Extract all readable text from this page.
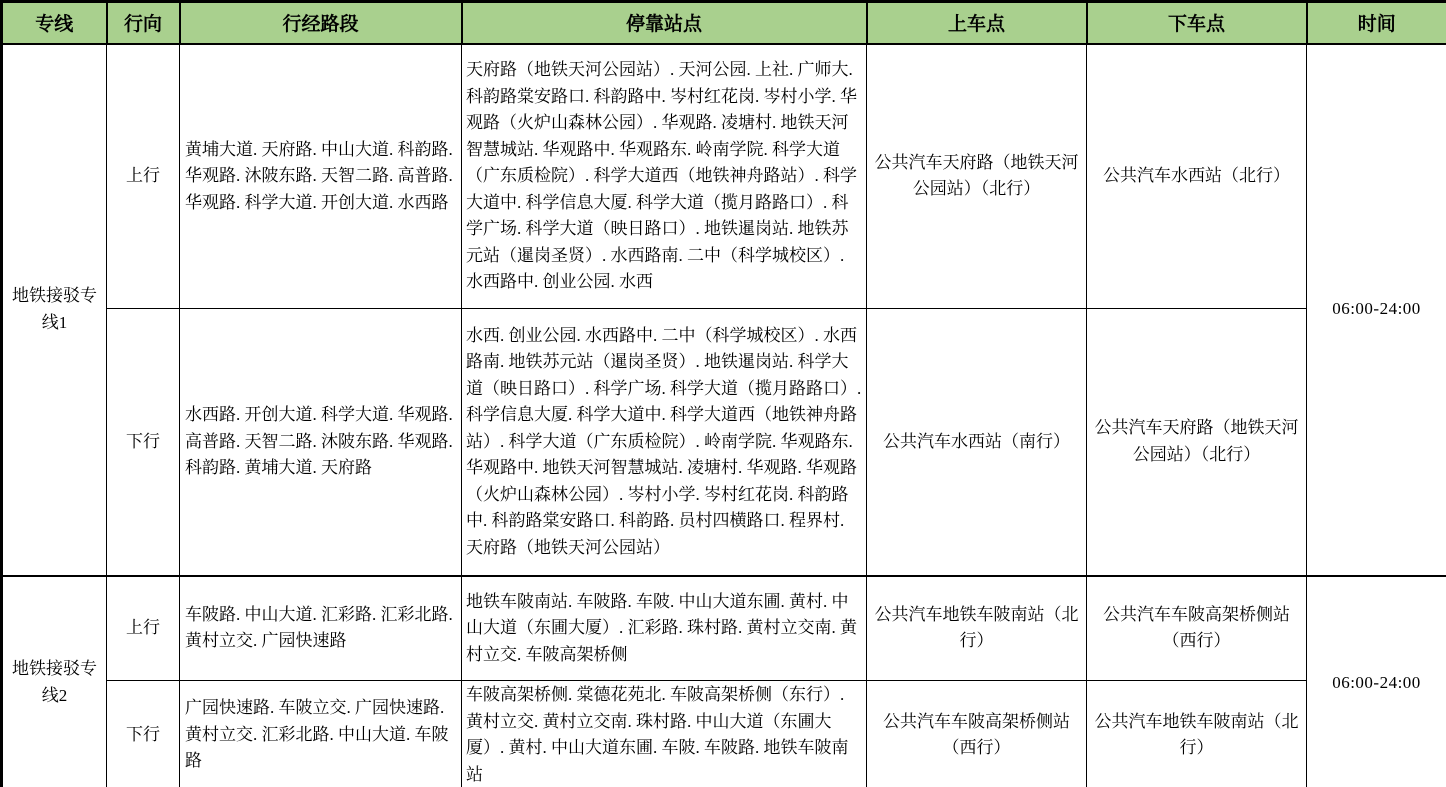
专线	行向	行经路段	停靠站点	上车点	下车点	时间
地铁接驳专线1	上行	黄埔大道. 天府路. 中山大道. 科韵路. 华观路. 沐陂东路. 天智二路. 高普路. 华观路. 科学大道. 开创大道. 水西路	天府路（地铁天河公园站）. 天河公园. 上社. 广师大. 科韵路棠安路口. 科韵路中. 岑村红花岗. 岑村小学. 华观路（火炉山森林公园）. 华观路. 凌塘村. 地铁天河智慧城站. 华观路中. 华观路东. 岭南学院. 科学大道（广东质检院）. 科学大道西（地铁神舟路站）. 科学大道中. 科学信息大厦. 科学大道（揽月路路口）. 科学广场. 科学大道（映日路口）. 地铁暹岗站. 地铁苏元站（暹岗圣贤）. 水西路南. 二中（科学城校区）. 水西路中. 创业公园. 水西	公共汽车天府路（地铁天河公园站）（北行）	公共汽车水西站（北行）	06:00-24:00
	下行	水西路. 开创大道. 科学大道. 华观路. 高普路. 天智二路. 沐陂东路. 华观路. 科韵路. 黄埔大道. 天府路	水西. 创业公园. 水西路中. 二中（科学城校区）. 水西路南. 地铁苏元站（暹岗圣贤）. 地铁暹岗站. 科学大道（映日路口）. 科学广场. 科学大道（揽月路路口）. 科学信息大厦. 科学大道中. 科学大道西（地铁神舟路站）. 科学大道（广东质检院）. 岭南学院. 华观路东. 华观路中. 地铁天河智慧城站. 凌塘村. 华观路. 华观路（火炉山森林公园）. 岑村小学. 岑村红花岗. 科韵路中. 科韵路棠安路口. 科韵路. 员村四横路口. 程界村. 天府路（地铁天河公园站）	公共汽车水西站（南行）	公共汽车天府路（地铁天河公园站）（北行）	
地铁接驳专线2	上行	车陂路. 中山大道. 汇彩路. 汇彩北路. 黄村立交. 广园快速路	地铁车陂南站. 车陂路. 车陂. 中山大道东圃. 黄村. 中山大道（东圃大厦）. 汇彩路. 珠村路. 黄村立交南. 黄村立交. 车陂高架桥侧	公共汽车地铁车陂南站（北行）	公共汽车车陂高架桥侧站（西行）	06:00-24:00
	下行	广园快速路. 车陂立交. 广园快速路. 黄村立交. 汇彩北路. 中山大道. 车陂路	车陂高架桥侧. 棠德花苑北. 车陂高架桥侧（东行）. 黄村立交. 黄村立交南. 珠村路. 中山大道（东圃大厦）. 黄村. 中山大道东圃. 车陂. 车陂路. 地铁车陂南站	公共汽车车陂高架桥侧站（西行）	公共汽车地铁车陂南站（北行）	
